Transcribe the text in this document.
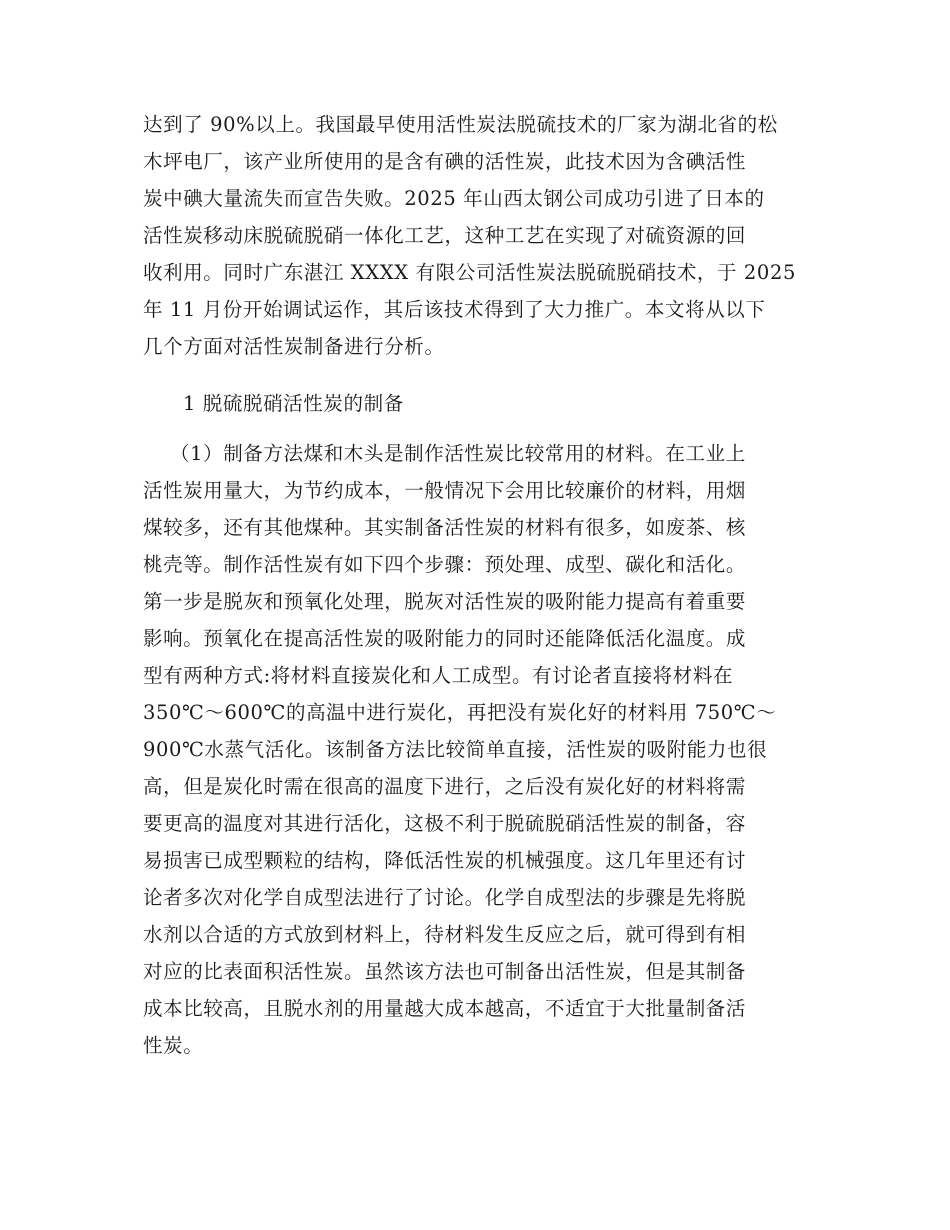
达到了 90%以上。我国最早使用活性炭法脱硫技术的厂家为湖北省的松
木坪电厂，该产业所使用的是含有碘的活性炭，此技术因为含碘活性
炭中碘大量流失而宣告失败。2025 年山西太钢公司成功引进了日本的
活性炭移动床脱硫脱硝一体化工艺，这种工艺在实现了对硫资源的回
收利用。同时广东湛江 XXXX 有限公司活性炭法脱硫脱硝技术，于 2025
年 11 月份开始调试运作，其后该技术得到了大力推广。本文将从以下
几个方面对活性炭制备进行分析。
1 脱硫脱硝活性炭的制备
（1）制备方法煤和木头是制作活性炭比较常用的材料。在工业上
活性炭用量大，为节约成本，一般情况下会用比较廉价的材料，用烟
煤较多，还有其他煤种。其实制备活性炭的材料有很多，如废茶、核
桃壳等。制作活性炭有如下四个步骤：预处理、成型、碳化和活化。
第一步是脱灰和预氧化处理，脱灰对活性炭的吸附能力提高有着重要
影响。预氧化在提高活性炭的吸附能力的同时还能降低活化温度。成
型有两种方式:将材料直接炭化和人工成型。有讨论者直接将材料在
350℃～600℃的高温中进行炭化，再把没有炭化好的材料用 750℃～
900℃水蒸气活化。该制备方法比较简单直接，活性炭的吸附能力也很
高，但是炭化时需在很高的温度下进行，之后没有炭化好的材料将需
要更高的温度对其进行活化，这极不利于脱硫脱硝活性炭的制备，容
易损害已成型颗粒的结构，降低活性炭的机械强度。这几年里还有讨
论者多次对化学自成型法进行了讨论。化学自成型法的步骤是先将脱
水剂以合适的方式放到材料上，待材料发生反应之后，就可得到有相
对应的比表面积活性炭。虽然该方法也可制备出活性炭，但是其制备
成本比较高，且脱水剂的用量越大成本越高，不适宜于大批量制备活
性炭。
